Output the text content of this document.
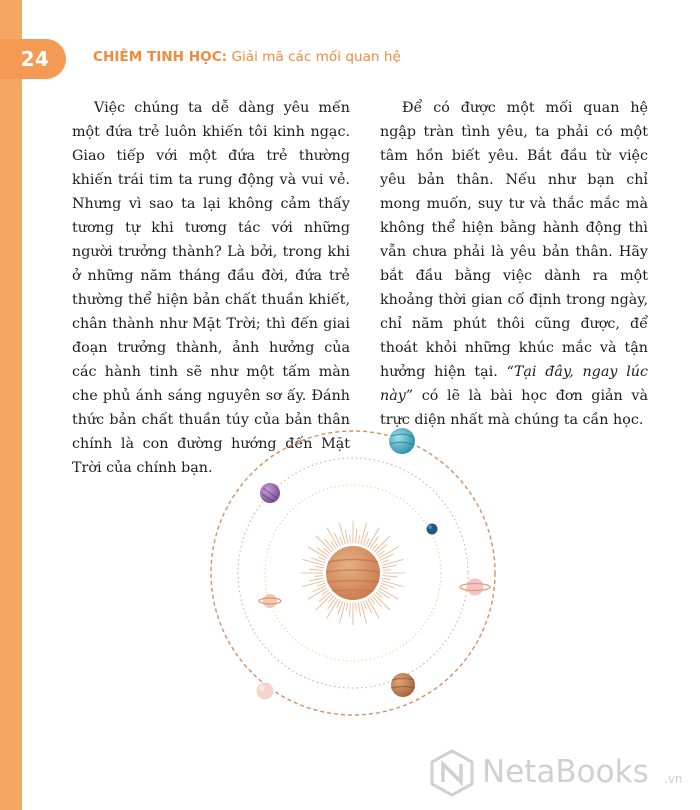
24	CHIÊM TINH HỌC: Giải mã các mối quan hệ

Việc chúng ta dễ dàng yêu mến một đứa trẻ luôn khiến tôi kinh ngạc. Giao tiếp với một đứa trẻ thường khiến trái tim ta rung động và vui vẻ. Nhưng vì sao ta lại không cảm thấy tương tự khi tương tác với những người trưởng thành? Là bởi, trong khi ở những năm tháng đầu đời, đứa trẻ thường thể hiện bản chất thuần khiết, chân thành như Mặt Trời; thì đến giai đoạn trưởng thành, ảnh hưởng của các hành tinh sẽ như một tấm màn che phủ ánh sáng nguyên sơ ấy. Đánh thức bản chất thuần túy của bản thân chính là con đường hướng đến Mặt Trời của chính bạn.

Để có được một mối quan hệ ngập tràn tình yêu, ta phải có một tâm hồn biết yêu. Bắt đầu từ việc yêu bản thân. Nếu như bạn chỉ mong muốn, suy tư và thắc mắc mà không thể hiện bằng hành động thì vẫn chưa phải là yêu bản thân. Hãy bắt đầu bằng việc dành ra một khoảng thời gian cố định trong ngày, chỉ năm phút thôi cũng được, để thoát khỏi những khúc mắc và tận hưởng hiện tại. “Tại đây, ngay lúc này” có lẽ là bài học đơn giản và trực diện nhất mà chúng ta cần học.

NetaBooks .vn
